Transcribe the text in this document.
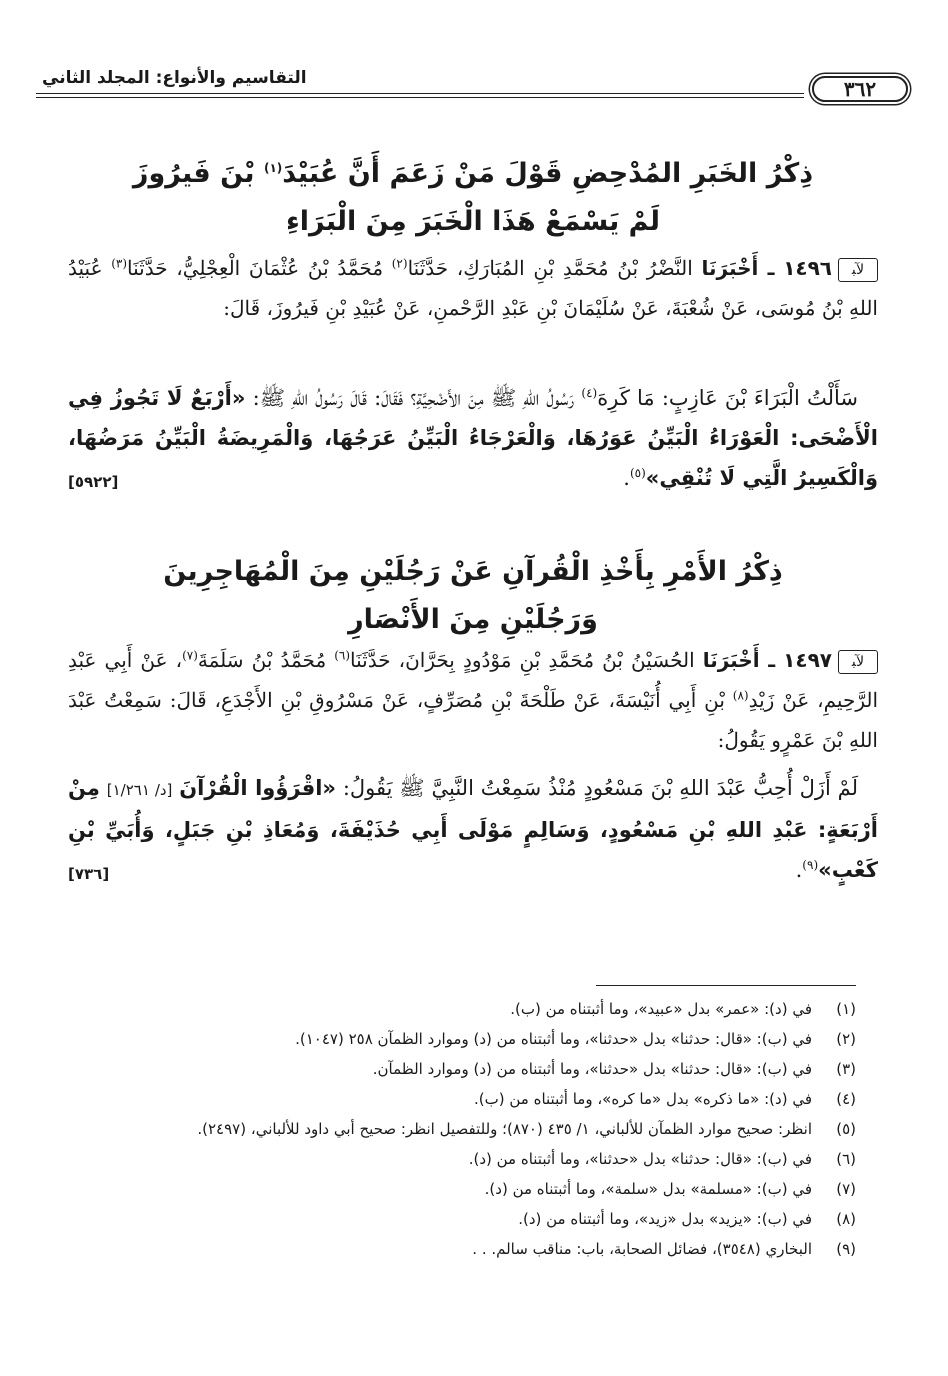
٣٦٢
التقاسيم والأنواع: المجلد الثاني
ذِكْرُ الخَبَرِ المُدْحِضِ قَوْلَ مَنْ زَعَمَ أَنَّ عُبَيْدَ$^{(١)}$ بْنَ فَيرُوزَ
لَمْ يَسْمَعْ هَذَا الْخَبَرَ مِنَ الْبَرَاءِ
ﻵﺒ١٤٩٦ ـ أَخْبَرَنَا النَّضْرُ بْنُ مُحَمَّدِ بْنِ المُبَارَكِ، حَدَّثَنَا$^{(٢)}$ مُحَمَّدُ بْنُ عُثْمَانَ الْعِجْلِيُّ، حَدَّثَنَا$^{(٣)}$ عُبَيْدُ اللهِ بْنُ مُوسَى، عَنْ شُعْبَةَ، عَنْ سُلَيْمَانَ بْنِ عَبْدِ الرَّحْمنِ، عَنْ عُبَيْدِ بْنِ فَيرُوزَ، قَالَ:
سَأَلْتُ الْبَرَاءَ بْنَ عَازِبٍ: مَا كَرِهَ$^{(٤)}$ رَسُولُ اللهِ ﷺ مِنَ الأَضْحِيَّةِ؟ فَقَالَ: قَالَ رَسُولُ اللهِ ﷺ: «أَرْبَعٌ لَا تَجُوزُ فِي الْأَضْحَى: الْعَوْرَاءُ الْبَيِّنُ عَوَرُهَا، وَالْعَرْجَاءُ الْبَيِّنُ عَرَجُهَا، وَالْمَرِيضَةُ الْبَيِّنُ مَرَضُهَا، وَالْكَسِيرُ الَّتِي لَا تُنْقِي»$^{(٥)}$.
[٥٩٢٢]
ذِكْرُ الأَمْرِ بِأَخْذِ الْقُرآنِ عَنْ رَجُلَيْنِ مِنَ الْمُهَاجِرِينَ
وَرَجُلَيْنِ مِنَ الأَنْصَارِ
ﻵﺒ١٤٩٧ ـ أَخْبَرَنَا الحُسَيْنُ بْنُ مُحَمَّدِ بْنِ مَوْدُودٍ بِحَرَّانَ، حَدَّثَنَا$^{(٦)}$ مُحَمَّدُ بْنُ سَلَمَةَ$^{(٧)}$، عَنْ أَبِي عَبْدِ الرَّحِيمِ، عَنْ زَيْدِ$^{(٨)}$ بْنِ أَبِي أُنَيْسَةَ، عَنْ طَلْحَةَ بْنِ مُصَرِّفٍ، عَنْ مَسْرُوقِ بْنِ الأَجْدَعِ، قَالَ: سَمِعْتُ عَبْدَ اللهِ بْنَ عَمْرٍو يَقُولُ:
لَمْ أَزَلْ أُحِبُّ عَبْدَ اللهِ بْنَ مَسْعُودٍ مُنْذُ سَمِعْتُ النَّبِيَّ ﷺ يَقُولُ: «اقْرَؤُوا الْقُرْآنَ [د/ ١/٢٦١] مِنْ أَرْبَعَةٍ: عَبْدِ اللهِ بْنِ مَسْعُودٍ، وَسَالِمٍ مَوْلَى أَبِي حُذَيْفَةَ، وَمُعَاذِ بْنِ جَبَلٍ، وَأُبَيِّ بْنِ كَعْبٍ»$^{(٩)}$.
[٧٣٦]
(١)
في (د): «عمر» بدل «عبيد»، وما أثبتناه من (ب).
(٢)
في (ب): «قال: حدثنا» بدل «حدثنا»، وما أثبتناه من (د) وموارد الظمآن ٢٥٨ (١٠٤٧).
(٣)
في (ب): «قال: حدثنا» بدل «حدثنا»، وما أثبتناه من (د) وموارد الظمآن.
(٤)
في (د): «ما ذكره» بدل «ما كره»، وما أثبتناه من (ب).
(٥)
انظر: صحيح موارد الظمآن للألباني، ١/ ٤٣٥ (٨٧٠)؛ وللتفصيل انظر: صحيح أبي داود للألباني، (٢٤٩٧).
(٦)
في (ب): «قال: حدثنا» بدل «حدثنا»، وما أثبتناه من (د).
(٧)
في (ب): «مسلمة» بدل «سلمة»، وما أثبتناه من (د).
(٨)
في (ب): «يزيد» بدل «زيد»، وما أثبتناه من (د).
(٩)
البخاري (٣٥٤٨)، فضائل الصحابة، باب: مناقب سالم. . .
